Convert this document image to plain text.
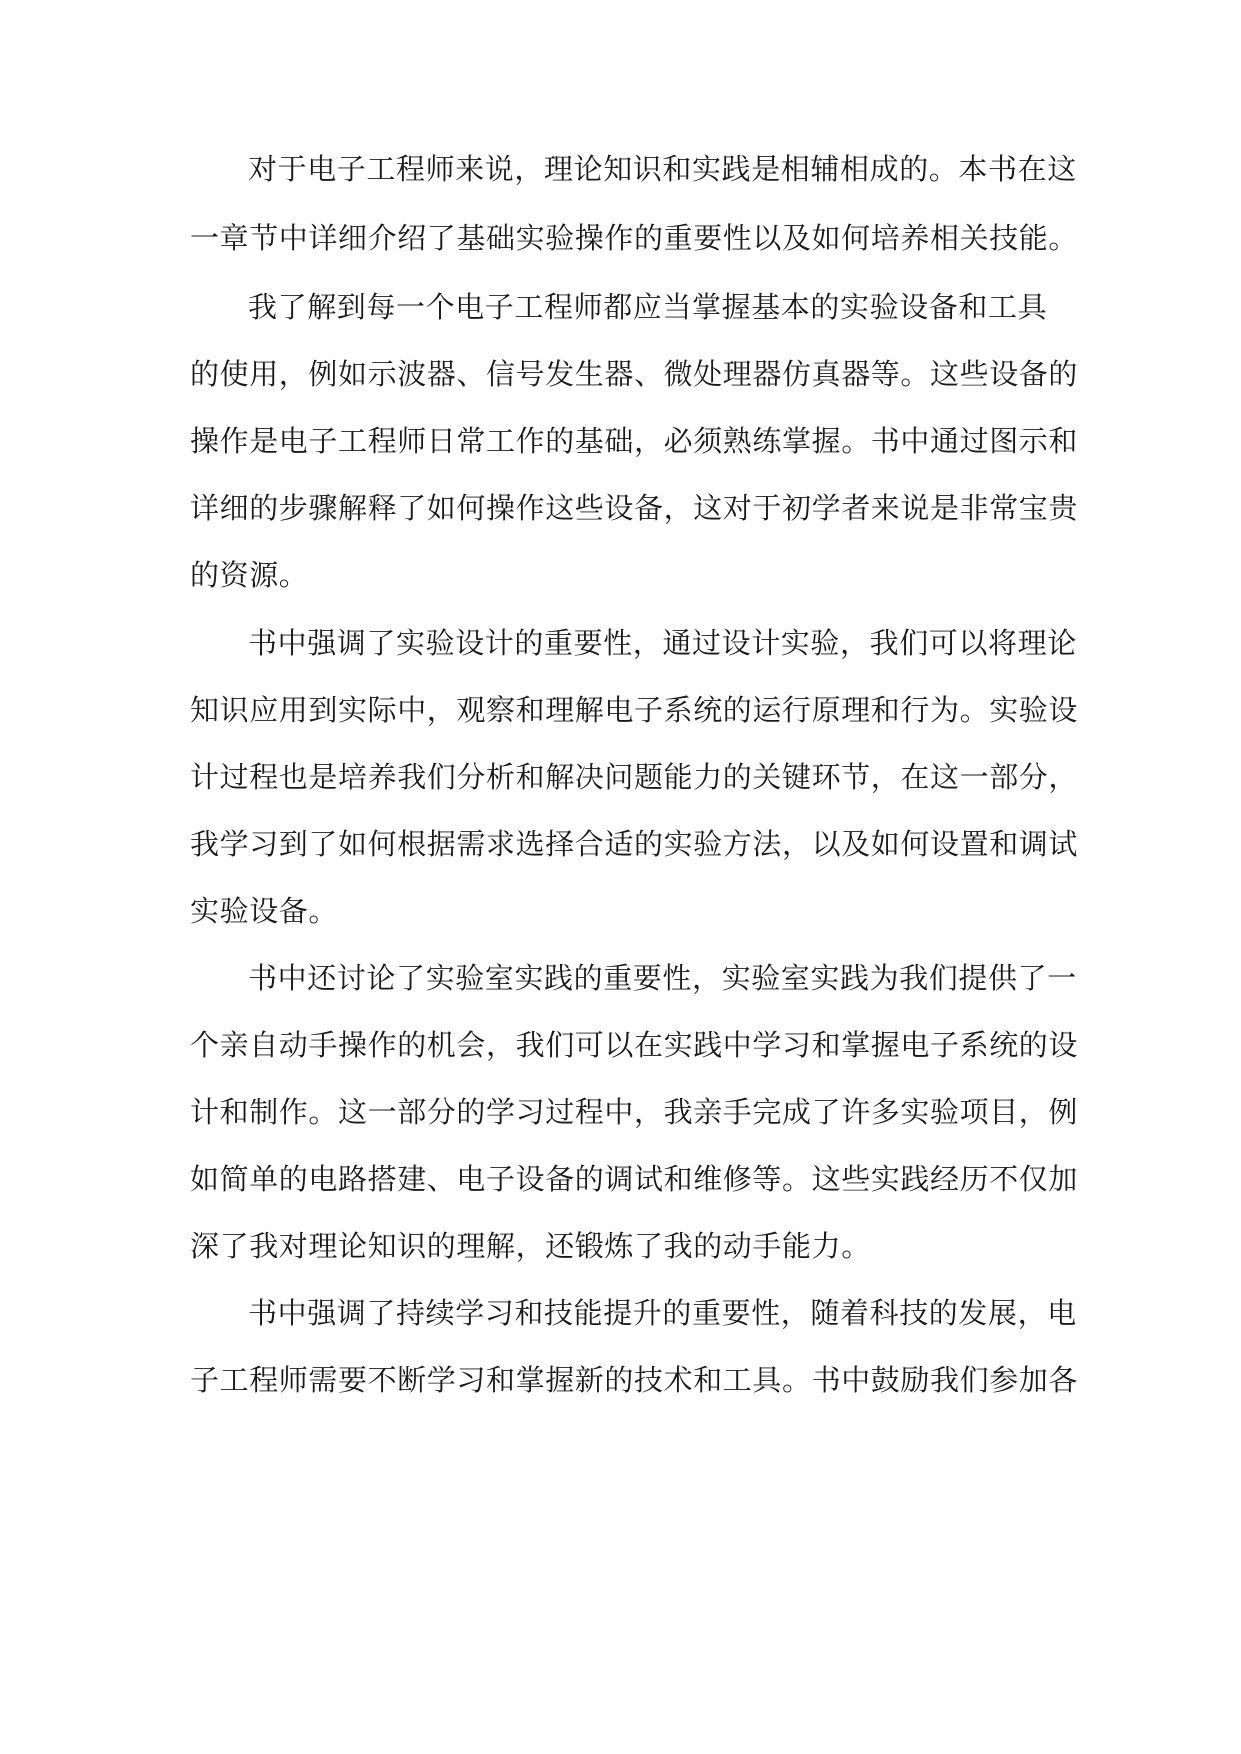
对于电子工程师来说，理论知识和实践是相辅相成的。本书在这
一章节中详细介绍了基础实验操作的重要性以及如何培养相关技能。
我了解到每一个电子工程师都应当掌握基本的实验设备和工具
的使用，例如示波器、信号发生器、微处理器仿真器等。这些设备的
操作是电子工程师日常工作的基础，必须熟练掌握。书中通过图示和
详细的步骤解释了如何操作这些设备，这对于初学者来说是非常宝贵
的资源。
书中强调了实验设计的重要性，通过设计实验，我们可以将理论
知识应用到实际中，观察和理解电子系统的运行原理和行为。实验设
计过程也是培养我们分析和解决问题能力的关键环节，在这一部分，
我学习到了如何根据需求选择合适的实验方法，以及如何设置和调试
实验设备。
书中还讨论了实验室实践的重要性，实验室实践为我们提供了一
个亲自动手操作的机会，我们可以在实践中学习和掌握电子系统的设
计和制作。这一部分的学习过程中，我亲手完成了许多实验项目，例
如简单的电路搭建、电子设备的调试和维修等。这些实践经历不仅加
深了我对理论知识的理解，还锻炼了我的动手能力。
书中强调了持续学习和技能提升的重要性，随着科技的发展，电
子工程师需要不断学习和掌握新的技术和工具。书中鼓励我们参加各
